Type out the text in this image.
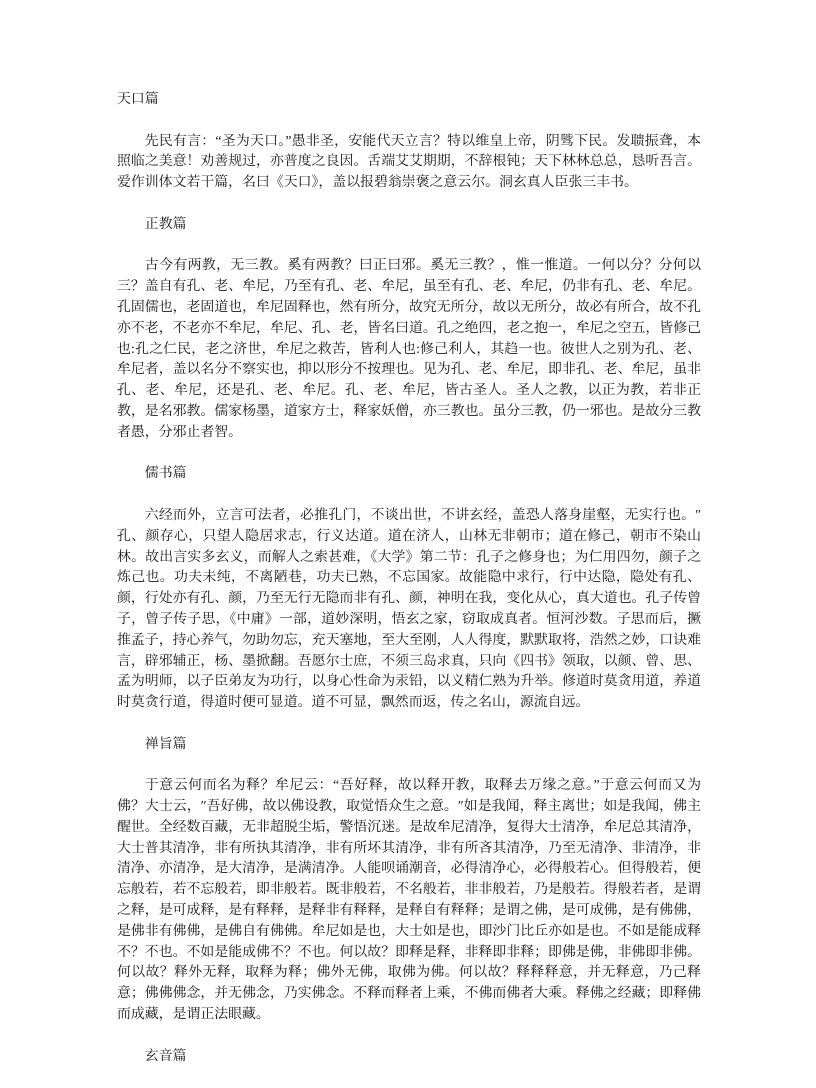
天口篇

先民有言：“圣为天口。”愚非圣，安能代天立言？特以维皇上帝，阴骘下民。发聩振聋，本照临之美意！劝善规过，亦普度之良因。舌端艾艾期期，不辞根钝；天下林林总总，恳听吾言。爱作训体文若干篇，名曰《天口》，盖以报碧翁崇褒之意云尔。洞玄真人臣张三丰书。

正教篇

古今有两教，无三教。奚有两教？曰正曰邪。奚无三教？，惟一惟道。一何以分？分何以三？盖自有孔、老、牟尼，乃至有孔、老、牟尼，虽至有孔、老、牟尼，仍非有孔、老、牟尼。孔固儒也，老固道也，牟尼固释也，然有所分，故究无所分，故以无所分，故必有所合，故不孔亦不老，不老亦不牟尼，牟尼、孔、老，皆名曰道。孔之绝四，老之抱一，牟尼之空五，皆修己也:孔之仁民，老之济世，牟尼之救苦，皆利人也:修己利人，其趋一也。彼世人之别为孔、老、牟尼者，盖以名分不察实也，抑以形分不按理也。见为孔、老、牟尼，即非孔、老、牟尼，虽非孔、老、牟尼，还是孔、老、牟尼。孔、老、牟尼，皆古圣人。圣人之教，以正为教，若非正教，是名邪教。儒家杨墨，道家方士，释家妖僧，亦三教也。虽分三教，仍一邪也。是故分三教者愚，分邪止者智。

儒书篇

六经而外，立言可法者，必推孔门，不谈出世，不讲玄经，盖恐人落身崖壑，无实行也。″孔、颜存心，只望人隐居求志，行义达道。道在济人，山林无非朝市；道在修己，朝市不染山林。故出言实多玄义，而解人之索甚难，《大学》第二节：孔子之修身也；为仁用四勿，颜子之炼己也。功夫未纯，不离陋巷，功夫已熟，不忘国家。故能隐中求行，行中达隐，隐处有孔、颜，行处亦有孔、颜，乃至无行无隐而非有孔、颜，神明在我，变化从心，真大道也。孔子传曾子，曾子传子思，《中庸》一部，道妙深明，悟玄之家，窃取成真者。恒河沙数。子思而后，撅推孟子，持心养气，勿助勿忘，充天塞地，至大至刚，人人得度，默默取将，浩然之妙，口诀难言，辟邪辅正，杨、墨掀翻。吾愿尔士庶，不须三岛求真，只向《四书》领取，以颜、曾、思、孟为明师，以子臣弟友为功行，以身心性命为汞铅，以义精仁熟为升举。修道时莫贪用道，养道时莫贪行道，得道时便可显道。道不可显，飘然而返，传之名山，源流自远。

禅旨篇

于意云何而名为释？牟尼云：“吾好释，故以释开教，取释去万缘之意。”于意云何而又为佛？大士云，″吾好佛，故以佛设教，取觉悟众生之意。″如是我闻，释主离世；如是我闻，佛主醒世。全经数百藏，无非超脱尘垢，警悟沉迷。是故牟尼清净，复得大士清净，牟尼总其清净，大士普其清净，非有所执其清净，非有所坏其清净，非有所吝其清净，乃至无清净、非清净，非清净、亦清净，是大清净，是满清净。人能呗诵潮音，必得清净心，必得般若心。但得般若，便忘般若，若不忘般若，即非般若。既非般若，不名般若，非非般若，乃是般若。得般若者，是谓之释，是可成释，是有释释，是释非有释释，是释自有释释；是谓之佛，是可成佛，是有佛佛，是佛非有佛佛，是佛自有佛佛。牟尼如是也，大士如是也，即沙门比丘亦如是也。不如是能成释不？不也。不如是能成佛不？不也。何以故？即释是释，非释即非释；即佛是佛，非佛即非佛。何以故？释外无释，取释为释；佛外无佛，取佛为佛。何以故？释释释意，并无释意，乃己释意；佛佛佛念，并无佛念，乃实佛念。不释而释者上乘，不佛而佛者大乘。释佛之经藏；即释佛而成藏，是谓正法眼藏。

玄音篇
